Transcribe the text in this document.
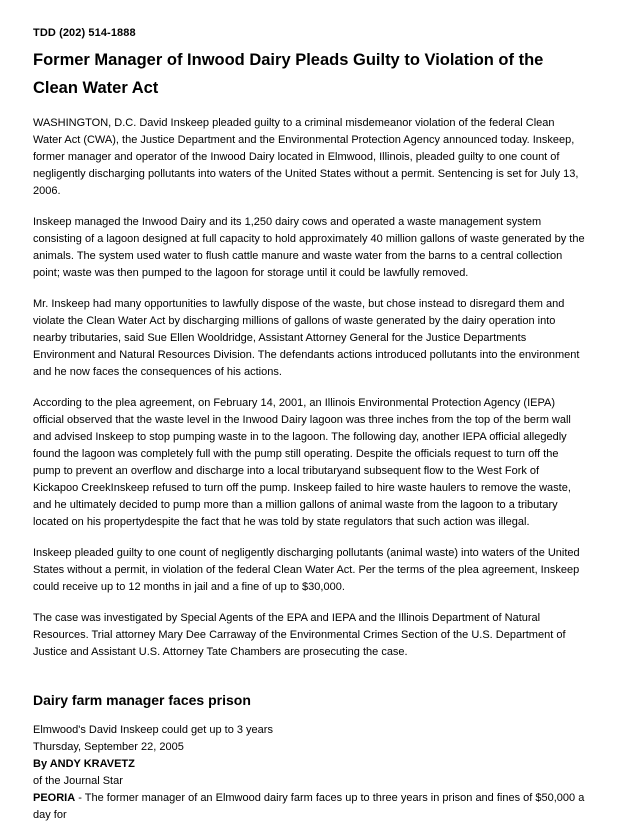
TDD (202) 514-1888

Former Manager of Inwood Dairy Pleads Guilty to Violation of the Clean Water Act

WASHINGTON, D.C. David Inskeep pleaded guilty to a criminal misdemeanor violation of the federal Clean Water Act (CWA), the Justice Department and the Environmental Protection Agency announced today. Inskeep, former manager and operator of the Inwood Dairy located in Elmwood, Illinois, pleaded guilty to one count of negligently discharging pollutants into waters of the United States without a permit. Sentencing is set for July 13, 2006.

Inskeep managed the Inwood Dairy and its 1,250 dairy cows and operated a waste management system consisting of a lagoon designed at full capacity to hold approximately 40 million gallons of waste generated by the animals. The system used water to flush cattle manure and waste water from the barns to a central collection point; waste was then pumped to the lagoon for storage until it could be lawfully removed.

Mr. Inskeep had many opportunities to lawfully dispose of the waste, but chose instead to disregard them and violate the Clean Water Act by discharging millions of gallons of waste generated by the dairy operation into nearby tributaries, said Sue Ellen Wooldridge, Assistant Attorney General for the Justice Departments Environment and Natural Resources Division. The defendants actions introduced pollutants into the environment and he now faces the consequences of his actions.

According to the plea agreement, on February 14, 2001, an Illinois Environmental Protection Agency (IEPA) official observed that the waste level in the Inwood Dairy lagoon was three inches from the top of the berm wall and advised Inskeep to stop pumping waste in to the lagoon. The following day, another IEPA official allegedly found the lagoon was completely full with the pump still operating. Despite the officials request to turn off the pump to prevent an overflow and discharge into a local tributaryand subsequent flow to the West Fork of Kickapoo CreekInskeep refused to turn off the pump. Inskeep failed to hire waste haulers to remove the waste, and he ultimately decided to pump more than a million gallons of animal waste from the lagoon to a tributary located on his propertydespite the fact that he was told by state regulators that such action was illegal.

Inskeep pleaded guilty to one count of negligently discharging pollutants (animal waste) into waters of the United States without a permit, in violation of the federal Clean Water Act. Per the terms of the plea agreement, Inskeep could receive up to 12 months in jail and a fine of up to $30,000.

The case was investigated by Special Agents of the EPA and IEPA and the Illinois Department of Natural Resources. Trial attorney Mary Dee Carraway of the Environmental Crimes Section of the U.S. Department of Justice and Assistant U.S. Attorney Tate Chambers are prosecuting the case.

Dairy farm manager faces prison

Elmwood's David Inskeep could get up to 3 years

Thursday, September 22, 2005

By ANDY KRAVETZ

of the Journal Star

PEORIA - The former manager of an Elmwood dairy farm faces up to three years in prison and fines of $50,000 a day for
